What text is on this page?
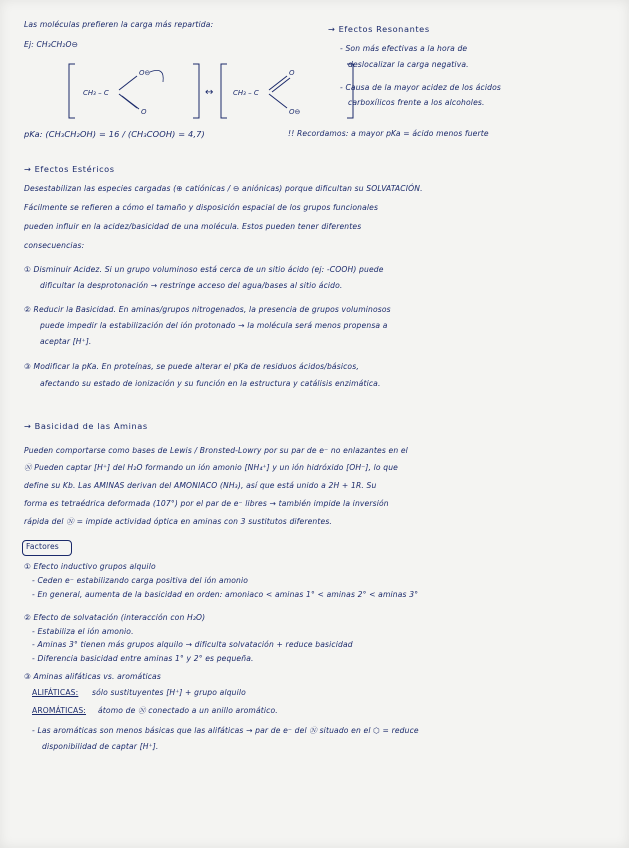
Las moléculas prefieren la carga más repartida:
Ej: CH₃CH₂O⊖
CH₃ – C
O⊖
O
↔	CH₃ – C
O
O⊖
→ Efectos Resonantes
- Son más efectivas a la hora de
deslocalizar la carga negativa.
- Causa de la mayor acidez de los ácidos
carboxílicos frente a los alcoholes.
pKa: (CH₃CH₂OH) = 16 / (CH₃COOH) = 4,7)	!! Recordamos: a mayor pKa = ácido menos fuerte
→ Efectos Estéricos
Desestabilizan las especies cargadas (⊕ catiónicas / ⊖ aniónicas) porque dificultan su SOLVATACIÓN.
Fácilmente se refieren a cómo el tamaño y disposición espacial de los grupos funcionales
pueden influir en la acidez/basicidad de una molécula. Estos pueden tener diferentes
consecuencias:
① Disminuir Acidez. Si un grupo voluminoso está cerca de un sitio ácido (ej: -COOH) puede
dificultar la desprotonación → restringe acceso del agua/bases al sitio ácido.
② Reducir la Basicidad. En aminas/grupos nitrogenados, la presencia de grupos voluminosos
puede impedir la estabilización del ión protonado → la molécula será menos propensa a
aceptar [H⁺].
③ Modificar la pKa. En proteínas, se puede alterar el pKa de residuos ácidos/básicos,
afectando su estado de ionización y su función en la estructura y catálisis enzimática.
→ Basicidad de las Aminas
Pueden comportarse como bases de Lewis / Bronsted-Lowry por su par de e⁻ no enlazantes en el
Ⓝ Pueden captar [H⁺] del H₂O formando un ión amonio [NH₄⁺] y un ión hidróxido [OH⁻], lo que
define su Kb. Las AMINAS derivan del AMONIACO (NH₃), así que está unido a 2H + 1R. Su
forma es tetraédrica deformada (107°) por el par de e⁻ libres → también impide la inversión
rápida del Ⓝ = impide actividad óptica en aminas con 3 sustitutos diferentes.
Factores
① Efecto inductivo grupos alquilo
- Ceden e⁻ estabilizando carga positiva del ión amonio
- En general, aumenta de la basicidad en orden: amoniaco < aminas 1° < aminas 2° < aminas 3°
② Efecto de solvatación (interacción con H₂O)
- Estabiliza el ión amonio.
- Aminas 3° tienen más grupos alquilo → dificulta solvatación + reduce basicidad
- Diferencia basicidad entre aminas 1° y 2° es pequeña.
③ Aminas alifáticas vs. aromáticas
ALIFÁTICAS: sólo sustituyentes [H⁺] + grupo alquilo
AROMÁTICAS: átomo de Ⓝ conectado a un anillo aromático.
- Las aromáticas son menos básicas que las alifáticas → par de e⁻ del Ⓝ situado en el ⬡ = reduce
disponibilidad de captar [H⁺].
